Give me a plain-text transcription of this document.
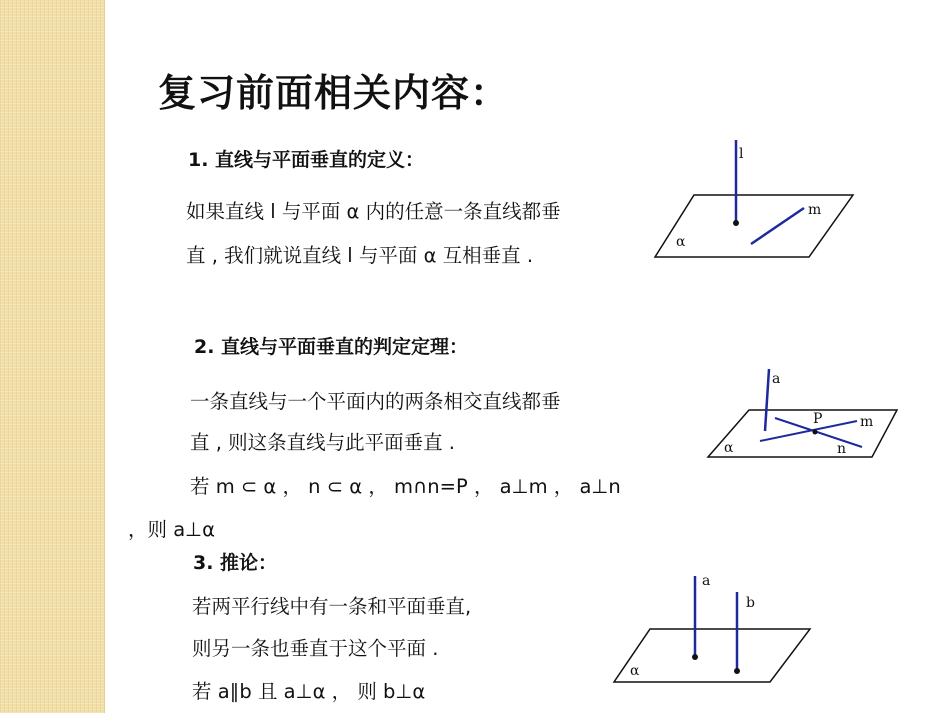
复习前面相关内容：
1. 直线与平面垂直的定义：
如果直线 l 与平面 α 内的任意一条直线都垂
直 , 我们就说直线 l 与平面 α 互相垂直 .
l
m
α
2. 直线与平面垂直的判定定理：
一条直线与一个平面内的两条相交直线都垂
直 , 则这条直线与此平面垂直 .
若 m ⊂ α ， n ⊂ α ， m∩n=P ， a⊥m ， a⊥n
，则 a⊥α
a
P	m
n
α
3. 推论：
若两平行线中有一条和平面垂直,
则另一条也垂直于这个平面 .
若 a∥b 且 a⊥α ， 则 b⊥α
a
b
α
